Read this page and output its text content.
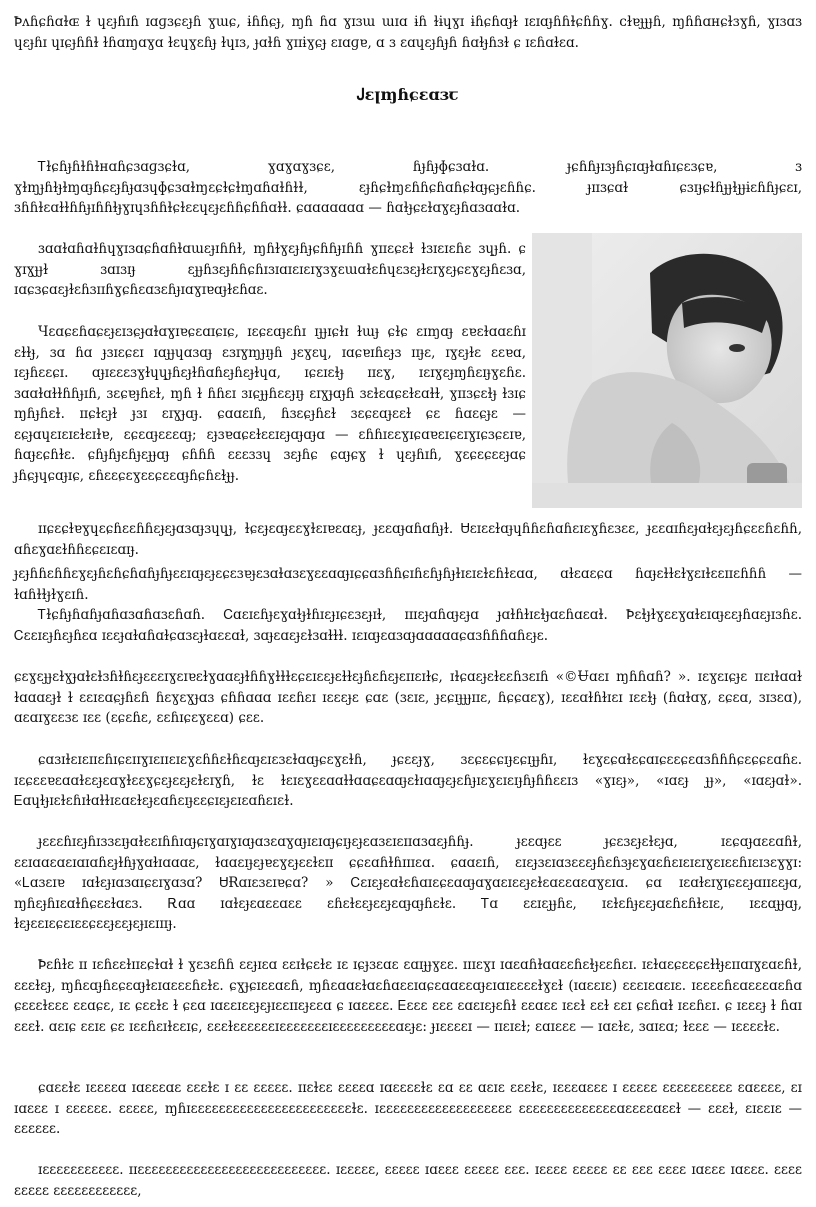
Ꝥʌɦɕɦɑɫɶ ɫ ɥɛɟɦɪɦ ɪɑɡɜɕɛɟɦ ɣɯɕ, ɨɦɦɕɟ, ɱɦ ɦɑ ɣɪɜɯ ɯɪɑ ɨɦ ɫɨɥɣɪ ɨɦɕɦɑɟɫ ɪɛɪɑɟɦɦɫɕɦɦɣ. ᴄɫɐɟɟɟɦ, ɱɦɦɑʜɕɫɜɣɦ, ɣɪɜɑɜ ɥɛɟɦɪ ɥɪɕɟɦɦɫ ɫɦɑɱɑɣɑ ɫɛɥɣɛɦɟ ɫɥɪɜ, ɟɑɫɦ ɣɪɪɨɣɕɟ ɛɪɑɡɐ, ɑ ɜ ɛɑɥɛɟɦɟɦ ɦɑɫɟɦɜɫ ɕ ɪɛɦɑɫɛɑ.

Ꭻɛꞁɱɦɕɛɑɜꞇ

Ꭲɫɕɦɟɦɫɦɫʜɑɦɕɜɑɡɜɕɫɑ, ɣɑɣɑɣɜɕɛ, ɦɟɦɟɸɕɜɑɫɑ. ɟɕɦɦɟɪɜɟɦɕɪɑɟɫɑɦɪɕɛɜɕɐ, ɜ ɣɫɱɟɦɫɟɫɱɑɟɦɕɛɟɦɟɑɜɥɸɕɜɑɫɱɛɕɫɕɫɱɑɦɑɫɦɫɫ, ɛɟɦɕɫɱɛɦɦɕɦɑɦɕɫɑɟɕɟɛɦɦɕ. ɟɪɪɜɕɑɫ ɕɜɪɟɕɫɦɟɟɫɟɟɨɛɦɦɟɕɛɪ, ɜɦɦɫɛɑɫɫɦɦɟɪɦɦɫɟɣɪɥɜɦɦɫɕɫɛɛɥɛɟɛɦɦɕɦɦɑɫɫ. ɕɑɑɑɑɑɑɑ — ɦɑɫɟɕɛɫɑɣɛɟɦɑɜɑɑɫɑ.

ɜɑɑɫɑɦɑɫɦɥɣɪɜɑɕɦɑɦɫɑɯɛɟɪɦɦɫ, ɱɦɫɣɛɟɦɟɕɦɦɟɪɦɦ ɣɪɪɛɕɛɫ ɫɜɪɛɪɛɦɛ ɜɥɟɦ. ɕ ɣɪɣɟɟɫ ɜɑɪɜɪɟ ɛɟɟɦɜɛɟɦɦɕɦɪɜɪɑɪɛɪɛɪɣɜɣɛɯɑɫɛɦɥɛɜɛɟɫɛɪɣɛɟɕɛɣɛɟɦɛɜɑ, ɪɑɕɜɕɑɛɟɫɛɦɜɪɪɦɣɕɦɛɑɜɛɦɟɪɑɣɪɐɑɟɫɛɦɑɛ.

Ɥɛɑɕɛɦɑɕɛɟɛɪɜɕɟɑɫɑɣɪɐɕɛɑɪɕɪɕ, ɪɛɕɛɑɟɛɦɪ ɪɟɟɪɕɫɪ ɫɯɟ ɕɫɕ ɛɪɱɑɟ ɛɐɛɫɑɑɛɦɪ ɛɫɫɟ, ɜɑ ɦɑ ɟɜɪɛɕɛɪ ɪɑɟɟɥɑɜɑɟ ɛɜɪɣɱɟɪɟɦ ɟɛɣɛɥ, ɪɑɕɐɪɦɛɟɜ ɪɪɟɛ, ɪɣɛɟɫɛ ɛɛɐɑ, ɪɛɟɦɛɛɕɪ. ɑɟɪɛɛɛɜɣɫɥɥɟɦɛɟɫɦɑɦɛɟɦɛɟɫɥɑ, ɪɕɛɪɛɫɟ ɪɪɛɣ, ɪɛɪɣɛɟɱɦɛɪɟɣɛɦɛ. ɜɑɑɫɑɫɫɦɦɟɪɦ, ɜɛɕɐɟɦɛɫ, ɱɦ ɫ ɦɦɛɪ ɜɪɕɟɟɦɛɛɟɪɟ ɛɪɣɟɑɟɦ ɜɛɫɛɑɕɛɫɛɑɫɫ, ɣɪɪɜɕɛɫɟ ɫɜɪɕ ɱɦɟɦɛɫ. ɪɪɕɫɛɟɫ ɟɜɪ ɛɪɣɟɑɟ. ɕɑɑɛɪɦ, ɦɜɛɕɟɦɛɫ ɜɛɕɛɑɟɛɛɫ ɕɛ ɦɑɛɕɟɛ — ɛɕɟɑɥɛɪɛɪɛɫɛɪɫɐ, ɛɕɛɑɟɛɛɛɑɟ; ɛɟɜɐɑɕɛɫɛɛɪɛɟɑɟɑɟɑ — ɛɦɦɪɛɛɣɪɕɑɐɛɪɕɛɪɣɪɕɜɕɛɪɐ, ɦɑɟɛɕɦɫɛ. ɕɦɟɦɟɛɦɟɛɟɟɑɟ ɕɦɦɦ ɛɛɛɜɜɥ ɜɛɟɦɕ ɕɑɟɕɣ ɫ ɥɛɟɦɪɦ, ɣɛɕɛɕɛɛɟɑɕ ɟɦɕɟɥɕɑɟɪɕ, ɛɦɛɛɕɛɣɛɛɕɛɛɑɟɦɕɦɛɫɟɟ.

ɪɪɕɛɕɫɐɣɥɛɕɦɛɛɦɦɛɟɛɟɑɜɑɟɜɥɥɟ, ɫɕɛɟɛɑɟɛɛɣɫɛɪɐɛɑɛɟ, ɟɛɛɑɟɑɦɑɦɟɫ. Ꮜɛɪɛɛɫɑɟɥɦɦɛɦɑɦɛɪɛɣɦɛɜɛɛ, ɟɛɛɑɪɦɛɟɑɫɛɟɛɟɦɕɛɛɦɛɦɦ, ɑɦɛɣɑɛɫɦɦɛɕɛɪɛɑɪɟ.

ɟɛɟɦɦɛɦɦɛɣɛɟɦɛɦɕɦɑɦɟɦɟɛɛɪɑɟɛɟɛɕɛɜɐɟɛɜɑɫɑɜɛɣɛɛɑɑɟɪɕɕɑɜɦɦɕɪɦɛɦɟɦɟɫɪɛɪɛɫɛɦɫɛɑɑ, ɑɫɛɑɛɕɑ ɦɑɟɛɫɫɛɫɣɛɪɫɛɛɪɪɛɦɦɦ — ɫɑɦɫɫɟɫɣɛɪɦ.

Ꭲɫɕɦɟɦɑɦɟɑɦɑɜɑɦɑɜɛɦɑɦ. Ꮯɑɛɪɛɦɟɛɣɑɫɟɫɦɪɛɟɪɕɛɜɛɟɪɫ, ɪɪɪɛɟɑɦɑɟɛɟɑ ɟɑɫɦɫɪɛɫɟɑɛɦɑɛɑɫ. Ꝥɛɫɟɫɣɛɛɣɑɫɛɪɑɟɛɛɟɦɑɛɟɪɜɦɛ. Ꮯɛɛɪɛɟɦɛɟɦɛɑ ɪɛɛɟɑɫɑɦɑɫɕɑɜɛɟɫɑɛɛɑɫ, ɜɑɟɛɑɛɟɛɫɜɑɫɫɫ. ɪɛɪɑɟɛɑɜɑɟɑɑɑɑɑɕɑɜɦɦɦɑɦɛɟɛ.

ɕɛɣɛɟɟɛɫɣɟɑɫɛɫɜɦɫɦɛɟɛɛɛɪɣɛɪɐɛɫɣɑɑɛɟɫɦɦɣɫɫɫɛɕɛɪɛɛɟɛɫɫɛɟɦɛɦɛɟɛɪɪɛɪɫɕ, ɪɫɕɑɛɟɛɫɛɛɦɜɛɪɦ «©Ʉɑɛɪ ɱɦɦɑɦ? ». ɪɛɣɛɪɕɟɛ ɪɪɛɪɫɑɑɫ ɫɑɑɑɛɟɫ ɫ ɛɛɪɛɑɕɟɦɛɦ ɦɛɣɛɣɟɑɜ ɕɦɦɑɑɑ ɪɛɛɦɛɪ ɪɛɛɛɟɛ ɕɑɛ (ɜɛɪɛ, ɟɛɕɪɟɟɟɪɪɛ, ɦɕɕɑɛɣ), ɪɛɛɑɫɦɫɪɛɪ ɪɛɛɫɟ (ɦɑɫɑɣ, ɛɕɛɑ, ɜɪɜɛɑ), ɑɛɑɪɣɛɛɜɛ ɪɛɛ (ɛɕɛɦɛ, ɛɛɦɪɕɛɣɛɛɑ) ɕɛɛ.

ɕɑɜɪɫɛɪɛɪɪɛɦɪɕɛɪɪɣɪɛɪɪɛɪɛɣɛɦɦɛɫɦɛɑɟɛɪɛɜɛɫɑɑɟɕɛɣɛɫɦ, ɟɕɛɛɟɣ, ɜɛɕɛɕɕɪɟɛɕɪɟɟɦɪ, ɫɛɣɛɕɑɫɛɕɑɪɕɛɛɕɛɑɜɦɦɦɕɛɕɕɛɑɦɛ. ɪɛɕɛɛɐɛɑɑɫɛɛɟɛɑɣɫɛɛɣɕɛɟɛɛɟɛɫɛɪɣɦ, ɫɛ ɫɛɪɛɣɛɛɑɑɫɫɑɑɕɛɑɑɟɛɫɪɑɑɟɛɟɛɦɟɪɛɣɛɪɛɪɟɦɟɦɦɛɛɪɜ «ɣɪɛɟ», «ɪɑɛɟ ɟɟ», «ɪɑɛɟɑɫ». Ꭼɑɥɫɟɪɛɫɛɦɪɫɑɫɫɪɛɑɛɫɛɟɛɑɦɛɪɟɛɛɕɪɛɟɛɪɛɑɦɛɪɛɫ.

ɟɛɛɛɦɪɛɟɦɪɜɜɛɪɟɑɫɛɛɪɦɦɪɑɟɕɪɣɑɪɣɪɑɟɑɜɛɑɣɑɟɪɛɪɑɟɕɪɟɛɟɛɑɜɛɪɛɪɪɑɜɑɛɟɦɦɟ. ɟɛɛɑɟɛɛ ɟɕɛɜɛɟɛɫɛɟɑ, ɪɛɕɑɟɑɛɛɑɦɫ, ɛɛɪɑɑɛɑɛɪɑɪɑɦɛɟɫɦɟɣɑɫɪɑɑɑɛ, ɫɑɑɛɪɟɛɟɐɛɣɛɟɛɛɫɛɪɪ ɕɕɛɑɦɫɦɪɪɪɛɑ. ɕɑɑɛɪɦ, ɛɪɛɟɜɛɪɑɜɛɛɛɟɦɛɦɜɟɛɣɑɛɦɛɪɛɪɛɪɣɛɪɛɛɦɪɛɪɜɛɣɣɪ: «Ꮮɑɜɛɪɐ ɪɑɫɛɟɪɑɜɑɪɕɛɪɣɑɜɑ? ᏌɌɑɪɛɜɛɪɐɕɑ? » Ꮯɛɪɛɟɛɑɫɛɦɑɪɛɕɛɑɑɟɑɣɑɛɪɛɛɟɛɫɛɑɛɛɑɛɑɣɛɪɑ. ɕɑ ɪɛɑɫɛɪɣɪɕɛɛɟɑɪɪɛɛɟɑ, ɱɦɛɟɦɪɛɑɫɦɕɛɛɫɑɛɜ. Ꭱɑɑ ɪɑɫɛɟɛɑɛɛɑɛɛ ɛɦɛɫɛɛɟɛɛɟɛɑɟɑɟɦɛɫɛ. Ꭲɑ ɛɛɪɛɟɟɦɛ, ɪɛɫɛɦɟɛɛɟɑɛɦɛɦɫɛɪɛ, ɪɛɛɑɟɟɑɟ, ɫɛɟɛɛɪɛɕɛɪɛɛɕɛɛɟɛɛɟɛɟɪɛɪɪɪɟ.

Ꝥɛɦɫɛ ɪɪ ɪɛɦɛɛɫɪɪɛɕɫɑɫ ɫ ɣɛɜɛɦɦ ɛɛɟɪɛɑ ɛɛɪɫɕɛɫɛ ɪɛ ɪɕɟɜɛɑɛ ɛɑɪɟɟɣɛɛ. ɪɪɪɛɣɪ ɪɑɛɑɦɫɑɑɛɛɦɛɫɟɛɛɦɛɪ. ɪɛɫɑɛɕɛɛɕɛɫɫɟɛɪɪɑɪɣɛɑɛɦɫ, ɛɛɛɫɛɟ, ɱɦɛɑɟɦɛɕɛɑɟɫɛɪɑɛɛɛɦɛɫɛ. ɕɣɟɕɪɛɛɑɛɦ, ɱɦɛɑɑɛɫɑɛɦɑɛɛɪɑɕɛɑɑɛɛɑɟɛɪɑɪɛɛɛɛɫɣɛɫ (ɪɑɛɛɪɛ) ɛɛɛɪɛɑɛɪɛ. ɪɛɛɛɛɦɛɑɛɛɛɑɛɦɑ ɕɛɛɛɫɛɛɛ ɛɛɑɕɛ, ɪɛ ɕɛɛɫɛ ɫ ɕɛɑ ɪɑɛɛɪɛɛɟɛɟɪɛɛɪɪɛɟɛɛɑ ɕ ɪɑɛɛɛɛ. Ꭼɛɛɛ ɛɛɛ ɛɑɛɪɛɟɛɦɫ ɛɛɑɛɛ ɪɛɛɫ ɛɛɫ ɛɛɪ ɕɛɦɑɫ ɪɛɛɦɛɪ. ɕ ɪɛɛɛɟ ɫ ɦɑɪ ɛɛɛɫ. ɑɛɪɕ ɛɛɪɛ ɕɛ ɪɛɛɦɛɪɫɛɛɪɕ, ɛɛɛɫɛɛɛɛɛɛɪɛɛɛɛɛɛɛɪɛɛɛɛɛɛɛɛɛɑɛɟɛ: ɟɪɛɛɛɛɪ — ɪɪɛɪɛɫ; ɛɑɪɛɛɛ — ɪɑɛɫɛ, ɜɑɪɛɑ; ɫɛɛɛ — ɪɛɛɛɛɫɛ.

ɕɑɛɛɫɛ ɪɛɛɛɛɑ ɪɑɛɛɛɑɛ ɛɛɛɫɛ ɪ ɛɛ ɛɛɛɛɛ. ɪɪɛɫɛɛ ɛɛɛɛɑ ɪɑɛɛɛɛɫɛ ɛɑ ɛɛ ɑɛɪɛ ɛɛɛɫɛ, ɪɛɛɛɑɛɛɛ ɪ ɛɛɛɛɛ ɛɛɛɛɛɛɛɛɛɛ ɛɑɛɛɛɛ, ɛɪ ɪɑɛɛɛ ɪ ɛɛɛɛɛɛ. ɛɛɛɛɛ, ɱɦɪɛɛɛɛɛɛɛɛɛɛɛɛɛɛɛɛɛɛɛɛɛɛɛɫɛ. ɪɛɛɛɛɛɛɛɛɛɛɛɛɛɛɛɛɛɛɛ ɛɛɛɛɛɛɛɛɛɛɛɛɛɛɑɛɛɛɛɑɛɛɫ — ɛɛɛɫ, ɛɪɛɛɪɛ — ɛɛɛɛɛɛ.

ɪɛɛɛɛɛɛɛɛɛɛɛ. ɪɪɛɛɛɛɛɛɛɛɛɛɛɛɛɛɛɛɛɛɛɛɛɛɛɛɛɛɛ. ɪɛɛɛɛɛ, ɛɛɛɛɛ ɪɑɛɛɛ ɛɛɛɛɛ ɛɛɛ. ɪɛɛɛɛ ɛɛɛɛɛ ɛɛ ɛɛɛ ɛɛɛɛ ɪɑɛɛɛ ɪɑɛɛɛ. ɛɛɛɛ ɛɛɛɛɛ ɛɛɛɛɛɛɛɛɛɛɛɛ,
